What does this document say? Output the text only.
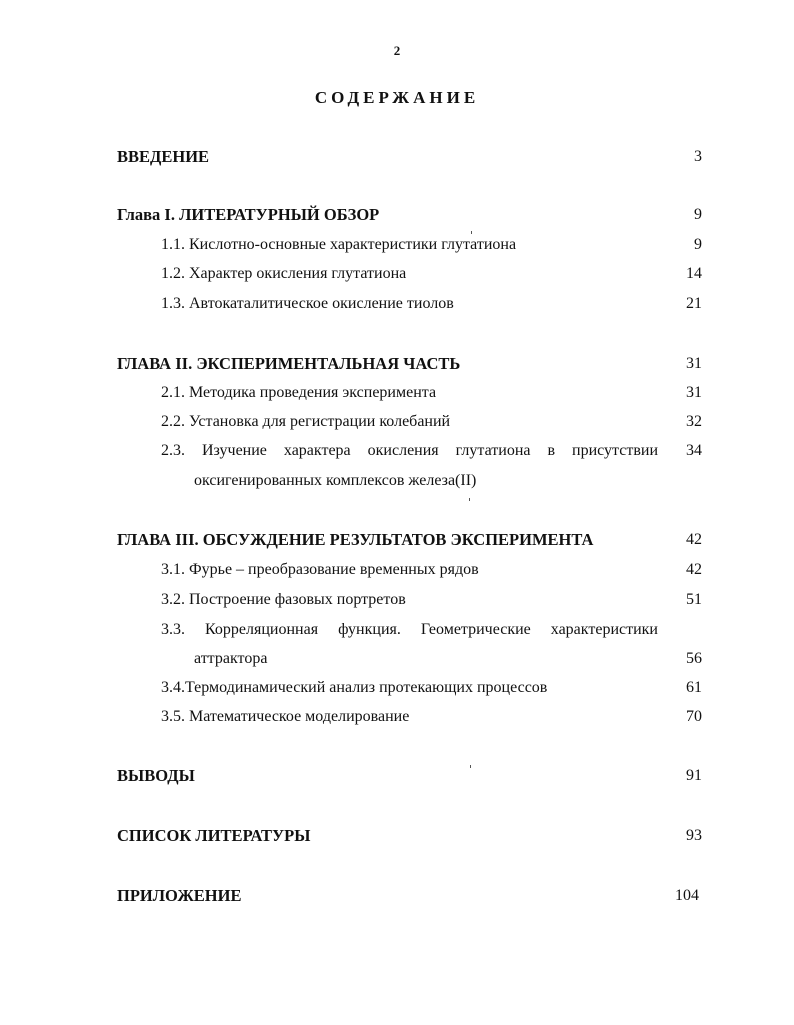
2
СОДЕРЖАНИЕ
ВВЕДЕНИЕ	3
Глава I. ЛИТЕРАТУРНЫЙ ОБЗОР	9
1.1. Кислотно-основные характеристики глутатиона	9
1.2. Характер окисления глутатиона	14
1.3. Автокаталитическое окисление тиолов	21
ГЛАВА II. ЭКСПЕРИМЕНТАЛЬНАЯ ЧАСТЬ	31
2.1. Методика проведения эксперимента	31
2.2. Установка для регистрации колебаний	32
2.3. Изучение характера окисления глутатиона в присутствии 34
оксигенированных комплексов железа(II)
ГЛАВА III. ОБСУЖДЕНИЕ РЕЗУЛЬТАТОВ ЭКСПЕРИМЕНТА	42
3.1. Фурье – преобразование временных рядов	42
3.2. Построение фазовых портретов	51
3.3. Корреляционная функция. Геометрические характеристики
аттрактора	56
3.4.Термодинамический анализ протекающих процессов	61
3.5. Математическое моделирование	70
ВЫВОДЫ	91
СПИСОК ЛИТЕРАТУРЫ	93
ПРИЛОЖЕНИЕ	104
